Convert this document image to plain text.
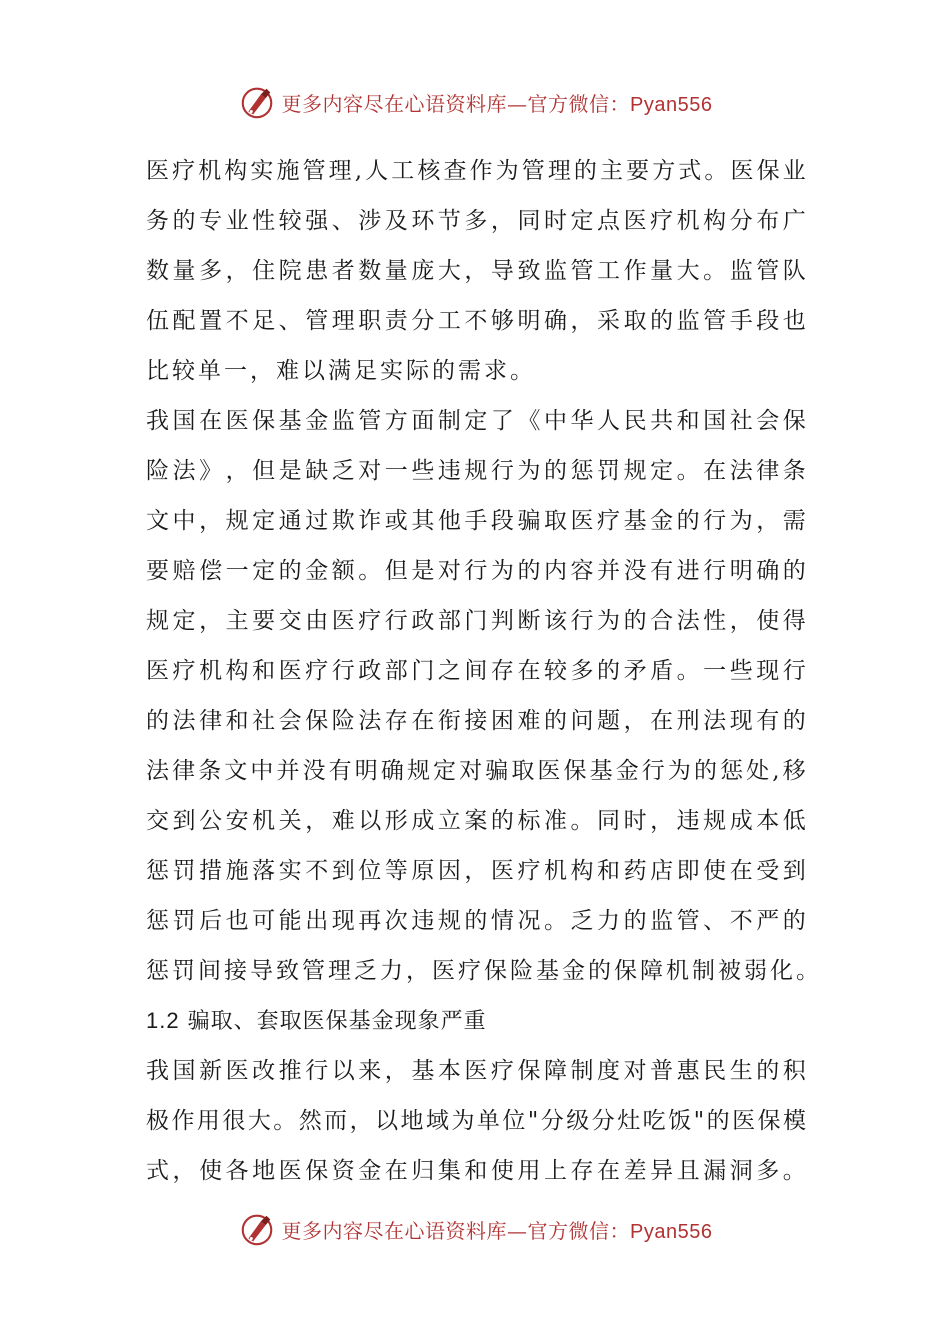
更多内容尽在心语资料库—官方微信：Pyan556
医 疗 机 构 实 施 管 理 , 人 工 核 查 作 为 管 理 的 主 要 方 式 。 医 保 业
务 的 专 业 性 较 强 、 涉 及 环 节 多 ， 同 时 定 点 医 疗 机 构 分 布 广
数 量 多 ， 住 院 患 者 数 量 庞 大 ， 导 致 监 管 工 作 量 大 。 监 管 队
伍 配 置 不 足 、 管 理 职 责 分 工 不 够 明 确 ， 采 取 的 监 管 手 段 也
比较单一，难以满足实际的需求。
我 国 在 医 保 基 金 监 管 方 面 制 定 了 《 中 华 人 民 共 和 国 社 会 保
险 法 》 ， 但 是 缺 乏 对 一 些 违 规 行 为 的 惩 罚 规 定 。 在 法 律 条
文 中 ， 规 定 通 过 欺 诈 或 其 他 手 段 骗 取 医 疗 基 金 的 行 为 ， 需
要 赔 偿 一 定 的 金 额 。 但 是 对 行 为 的 内 容 并 没 有 进 行 明 确 的
规 定 ， 主 要 交 由 医 疗 行 政 部 门 判 断 该 行 为 的 合 法 性 ， 使 得
医 疗 机 构 和 医 疗 行 政 部 门 之 间 存 在 较 多 的 矛 盾 。 一 些 现 行
的 法 律 和 社 会 保 险 法 存 在 衔 接 困 难 的 问 题 ， 在 刑 法 现 有 的
法 律 条 文 中 并 没 有 明 确 规 定 对 骗 取 医 保 基 金 行 为 的 惩 处 , 移
交 到 公 安 机 关 ， 难 以 形 成 立 案 的 标 准 。 同 时 ， 违 规 成 本 低
惩 罚 措 施 落 实 不 到 位 等 原 因 ， 医 疗 机 构 和 药 店 即 使 在 受 到
惩 罚 后 也 可 能 出 现 再 次 违 规 的 情 况 。 乏 力 的 监 管 、 不 严 的
惩罚间接导致管理乏力，医疗保险基金的保障机制被弱化。
1.2 骗取、套取医保基金现象严重
我 国 新 医 改 推 行 以 来 ， 基 本 医 疗 保 障 制 度 对 普 惠 民 生 的 积
极 作 用 很 大 。 然 而 ， 以 地 域 为 单 位 " 分 级 分 灶 吃 饭 " 的 医 保 模
式 ， 使 各 地 医 保 资 金 在 归 集 和 使 用 上 存 在 差 异 且 漏 洞 多 。
更多内容尽在心语资料库—官方微信：Pyan556
